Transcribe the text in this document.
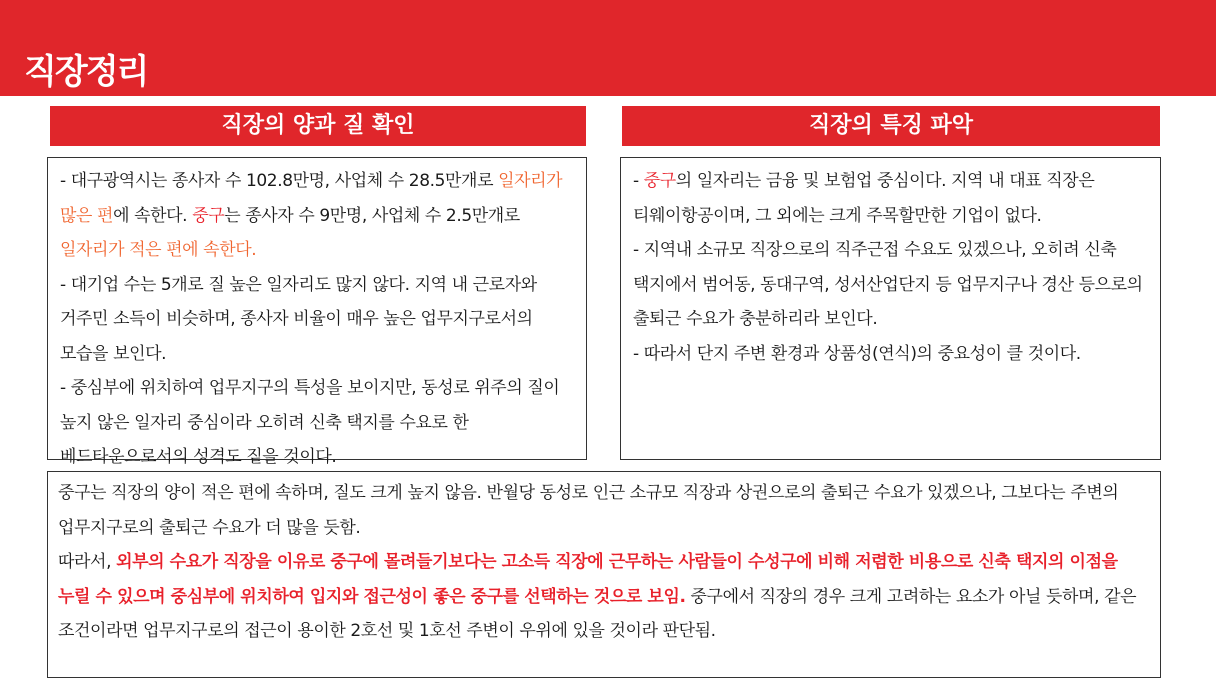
직장정리
직장의 양과 질 확인	직장의 특징 파악

- 대구광역시는 종사자 수 102.8만명, 사업체 수 28.5만개로 일자리가 많은 편에 속한다. 중구는 종사자 수 9만명, 사업체 수 2.5만개로 일자리가 적은 편에 속한다.

- 대기업 수는 5개로 질 높은 일자리도 많지 않다. 지역 내 근로자와 거주민 소득이 비슷하며, 종사자 비율이 매우 높은 업무지구로서의 모습을 보인다.

- 중심부에 위치하여 업무지구의 특성을 보이지만, 동성로 위주의 질이 높지 않은 일자리 중심이라 오히려 신축 택지를 수요로 한 베드타운으로서의 성격도 짙을 것이다.

- 중구의 일자리는 금융 및 보험업 중심이다. 지역 내 대표 직장은 티웨이항공이며, 그 외에는 크게 주목할만한 기업이 없다.

- 지역내 소규모 직장으로의 직주근접 수요도 있겠으나, 오히려 신축 택지에서 범어동, 동대구역, 성서산업단지 등 업무지구나 경산 등으로의 출퇴근 수요가 충분하리라 보인다.

- 따라서 단지 주변 환경과 상품성(연식)의 중요성이 클 것이다.

중구는 직장의 양이 적은 편에 속하며, 질도 크게 높지 않음. 반월당 동성로 인근 소규모 직장과 상권으로의 출퇴근 수요가 있겠으나, 그보다는 주변의 업무지구로의 출퇴근 수요가 더 많을 듯함.

따라서, 외부의 수요가 직장을 이유로 중구에 몰려들기보다는 고소득 직장에 근무하는 사람들이 수성구에 비해 저렴한 비용으로 신축 택지의 이점을 누릴 수 있으며 중심부에 위치하여 입지와 접근성이 좋은 중구를 선택하는 것으로 보임. 중구에서 직장의 경우 크게 고려하는 요소가 아닐 듯하며, 같은 조건이라면 업무지구로의 접근이 용이한 2호선 및 1호선 주변이 우위에 있을 것이라 판단됨.
